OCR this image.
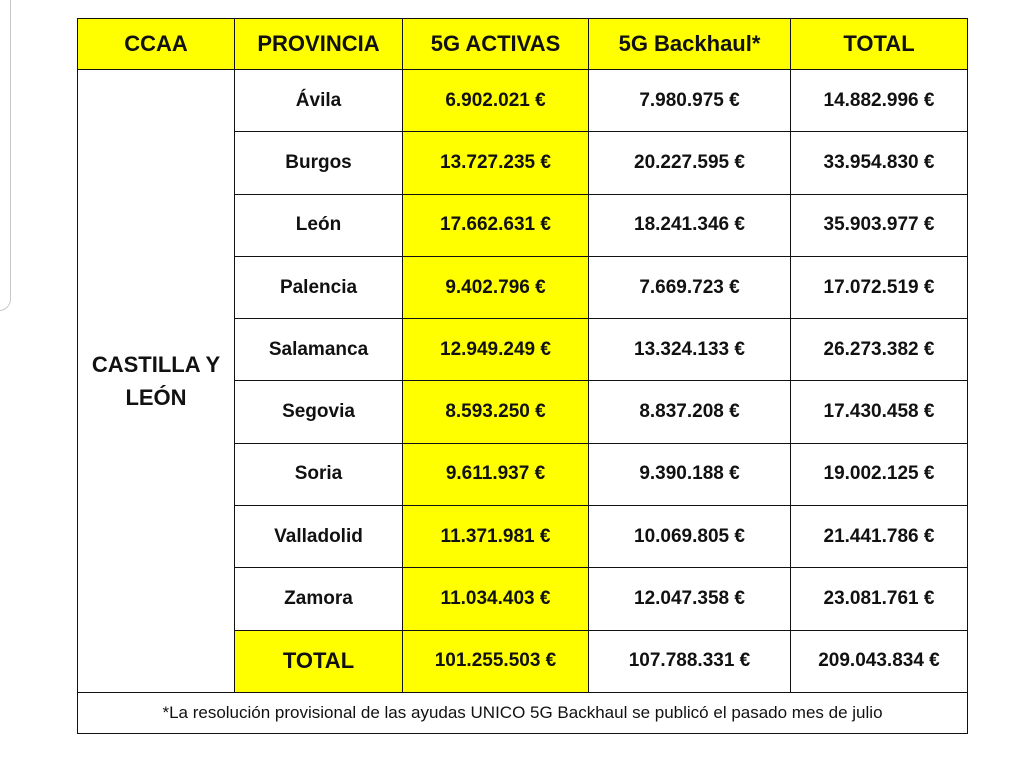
CCAA	PROVINCIA	5G ACTIVAS	5G Backhaul*	TOTAL
CASTILLA Y LEÓN	Ávila	6.902.021 €	7.980.975 €	14.882.996 €
	Burgos	13.727.235 €	20.227.595 €	33.954.830 €
	León	17.662.631 €	18.241.346 €	35.903.977 €
	Palencia	9.402.796 €	7.669.723 €	17.072.519 €
	Salamanca	12.949.249 €	13.324.133 €	26.273.382 €
	Segovia	8.593.250 €	8.837.208 €	17.430.458 €
	Soria	9.611.937 €	9.390.188 €	19.002.125 €
	Valladolid	11.371.981 €	10.069.805 €	21.441.786 €
	Zamora	11.034.403 €	12.047.358 €	23.081.761 €
	TOTAL	101.255.503 €	107.788.331 €	209.043.834 €
*La resolución provisional de las ayudas UNICO 5G Backhaul se publicó el pasado mes de julio				
